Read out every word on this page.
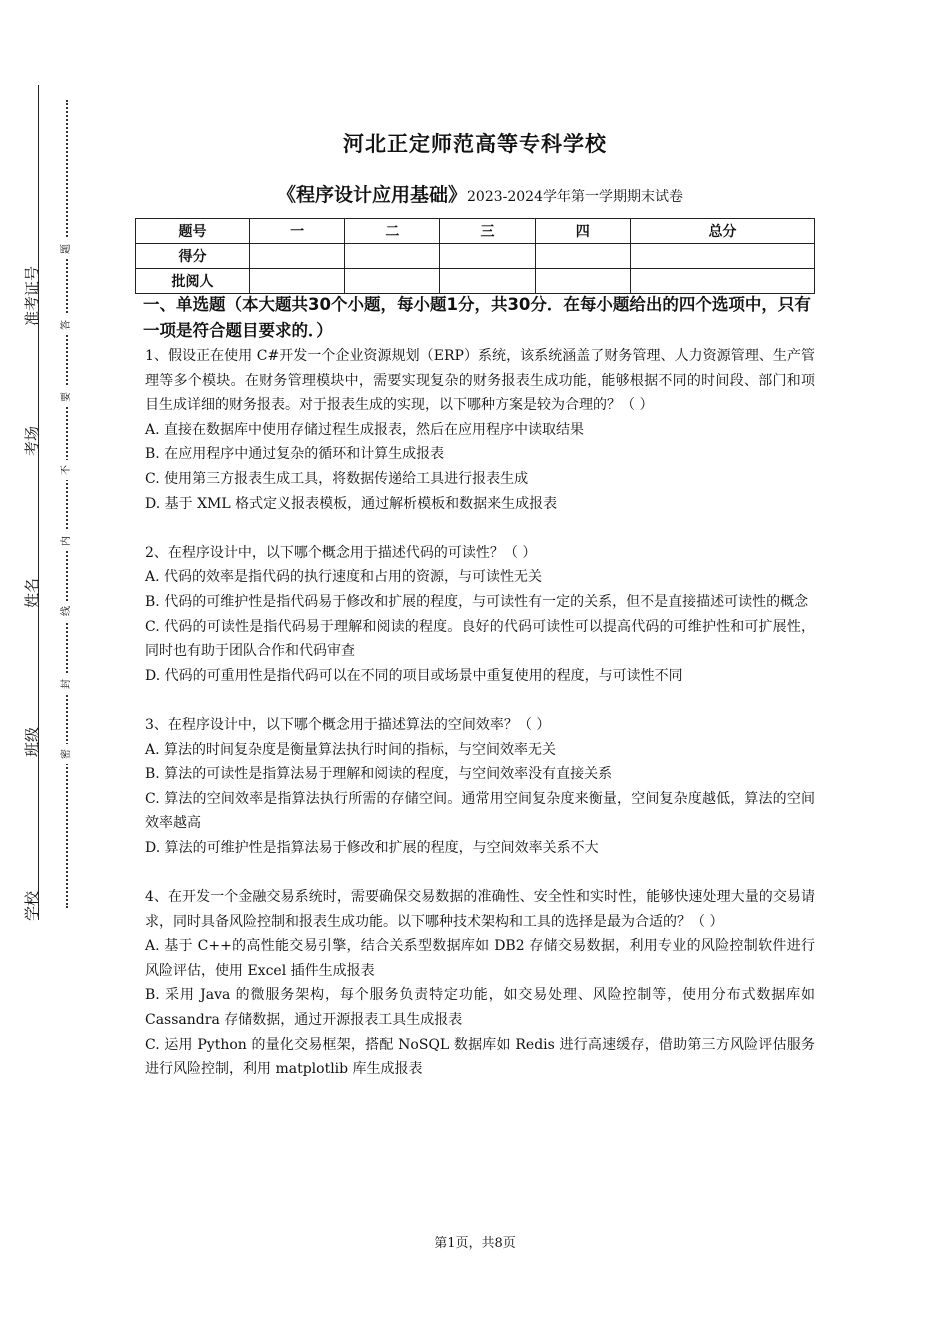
准考证号
考场
姓名
班级
学校
题
答
要
不
内
线
封
密
河北正定师范高等专科学校
《程序设计应用基础》2023-2024学年第一学期期末试卷
题号	一	二	三	四	总分
得分					
批阅人					

一、单选题（本大题共30个小题，每小题1分，共30分．在每小题给出的四个选项中，只有一项是符合题目要求的．）

1、假设正在使用 C#开发一个企业资源规划（ERP）系统，该系统涵盖了财务管理、人力资源管理、生产管理等多个模块。在财务管理模块中，需要实现复杂的财务报表生成功能，能够根据不同的时间段、部门和项目生成详细的财务报表。对于报表生成的实现，以下哪种方案是较为合理的？（ ）

A. 直接在数据库中使用存储过程生成报表，然后在应用程序中读取结果

B. 在应用程序中通过复杂的循环和计算生成报表

C. 使用第三方报表生成工具，将数据传递给工具进行报表生成

D. 基于 XML 格式定义报表模板，通过解析模板和数据来生成报表

2、在程序设计中，以下哪个概念用于描述代码的可读性？（ ）

A. 代码的效率是指代码的执行速度和占用的资源，与可读性无关

B. 代码的可维护性是指代码易于修改和扩展的程度，与可读性有一定的关系，但不是直接描述可读性的概念

C. 代码的可读性是指代码易于理解和阅读的程度。良好的代码可读性可以提高代码的可维护性和可扩展性，同时也有助于团队合作和代码审查

D. 代码的可重用性是指代码可以在不同的项目或场景中重复使用的程度，与可读性不同

3、在程序设计中，以下哪个概念用于描述算法的空间效率？（ ）

A. 算法的时间复杂度是衡量算法执行时间的指标，与空间效率无关

B. 算法的可读性是指算法易于理解和阅读的程度，与空间效率没有直接关系

C. 算法的空间效率是指算法执行所需的存储空间。通常用空间复杂度来衡量，空间复杂度越低，算法的空间效率越高

D. 算法的可维护性是指算法易于修改和扩展的程度，与空间效率关系不大

4、在开发一个金融交易系统时，需要确保交易数据的准确性、安全性和实时性，能够快速处理大量的交易请求，同时具备风险控制和报表生成功能。以下哪种技术架构和工具的选择是最为合适的？（ ）

A. 基于 C++的高性能交易引擎，结合关系型数据库如 DB2 存储交易数据，利用专业的风险控制软件进行风险评估，使用 Excel 插件生成报表

B. 采用 Java 的微服务架构，每个服务负责特定功能，如交易处理、风险控制等，使用分布式数据库如 Cassandra 存储数据，通过开源报表工具生成报表

C. 运用 Python 的量化交易框架，搭配 NoSQL 数据库如 Redis 进行高速缓存，借助第三方风险评估服务进行风险控制，利用 matplotlib 库生成报表

第1页，共8页
